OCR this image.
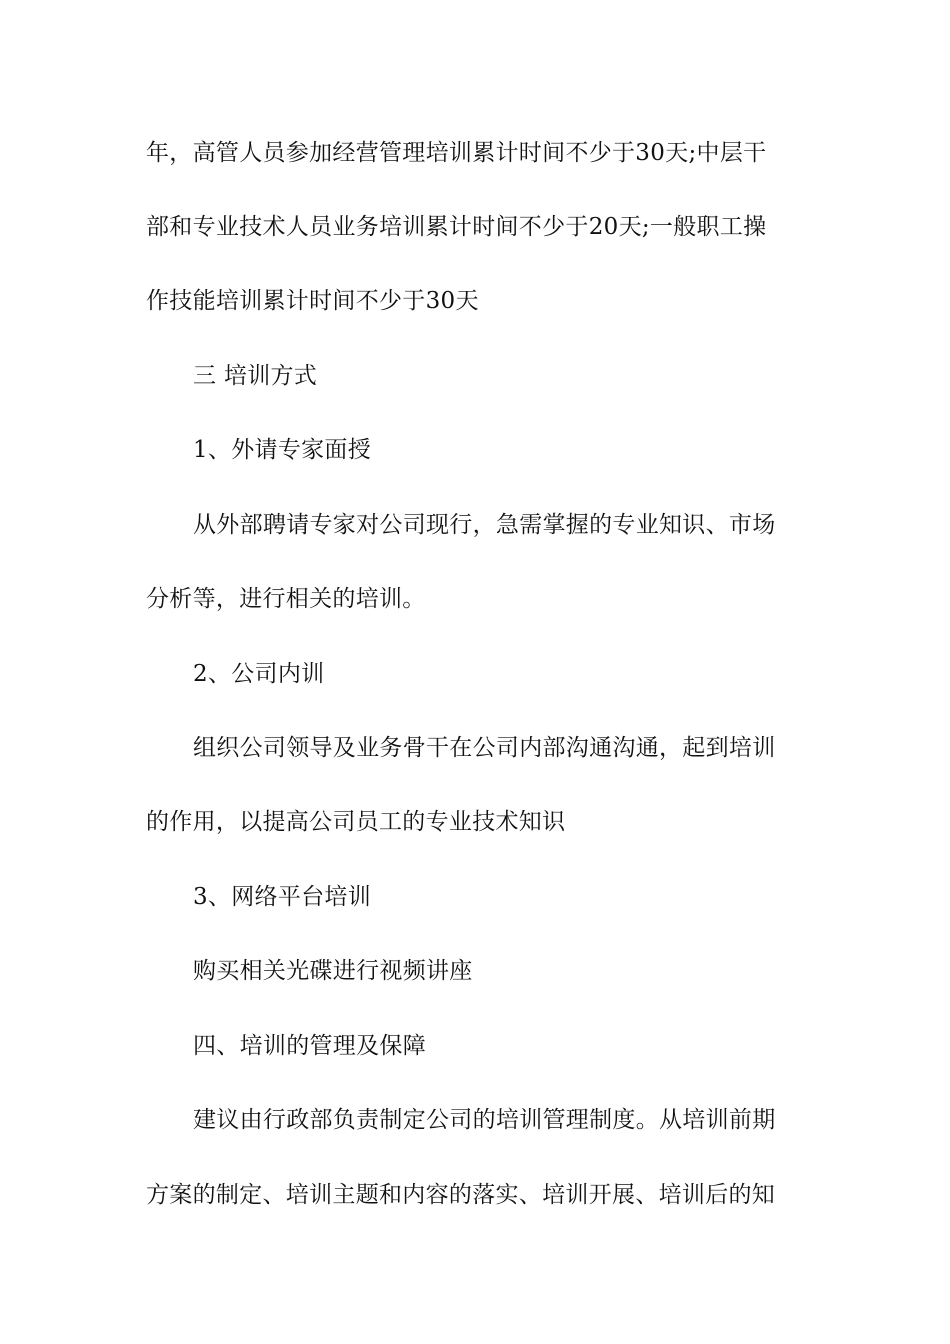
年，高管人员参加经营管理培训累计时间不少于30天;中层干
部和专业技术人员业务培训累计时间不少于20天;一般职工操
作技能培训累计时间不少于30天
三 培训方式
1、外请专家面授
从外部聘请专家对公司现行，急需掌握的专业知识、市场
分析等，进行相关的培训。
2、公司内训
组织公司领导及业务骨干在公司内部沟通沟通，起到培训
的作用，以提高公司员工的专业技术知识
3、网络平台培训
购买相关光碟进行视频讲座
四、培训的管理及保障
建议由行政部负责制定公司的培训管理制度。从培训前期
方案的制定、培训主题和内容的落实、培训开展、培训后的知
